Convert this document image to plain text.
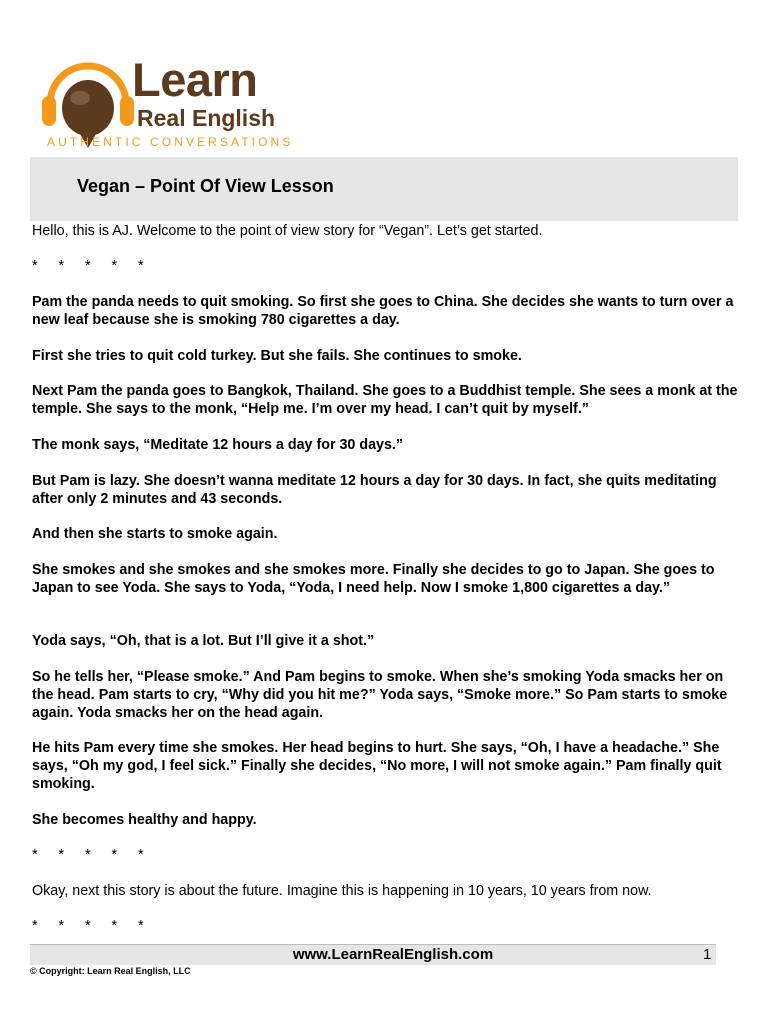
Learn
Real English
AUTHENTIC CONVERSATIONS
Vegan – Point Of View Lesson

Hello, this is AJ. Welcome to the point of view story for “Vegan”. Let’s get started.

* * * * *

Pam the panda needs to quit smoking. So first she goes to China. She decides she wants to turn over a new leaf because she is smoking 780 cigarettes a day.

First she tries to quit cold turkey. But she fails. She continues to smoke.

Next Pam the panda goes to Bangkok, Thailand. She goes to a Buddhist temple. She sees a monk at the temple. She says to the monk, “Help me. I’m over my head. I can’t quit by myself.”

The monk says, “Meditate 12 hours a day for 30 days.”

But Pam is lazy. She doesn’t wanna meditate 12 hours a day for 30 days. In fact, she quits meditating after only 2 minutes and 43 seconds.

And then she starts to smoke again.

She smokes and she smokes and she smokes more. Finally she decides to go to Japan. She goes to Japan to see Yoda. She says to Yoda, “Yoda, I need help. Now I smoke 1,800 cigarettes a day.”

Yoda says, “Oh, that is a lot. But I’ll give it a shot.”

So he tells her, “Please smoke.” And Pam begins to smoke. When she’s smoking Yoda smacks her on the head. Pam starts to cry, “Why did you hit me?” Yoda says, “Smoke more.” So Pam starts to smoke again. Yoda smacks her on the head again.

He hits Pam every time she smokes. Her head begins to hurt. She says, “Oh, I have a headache.” She says, “Oh my god, I feel sick.” Finally she decides, “No more, I will not smoke again.” Pam finally quit smoking.

She becomes healthy and happy.

* * * * *

Okay, next this story is about the future. Imagine this is happening in 10 years, 10 years from now.

* * * * *

www.LearnRealEnglish.com	1
© Copyright: Learn Real English, LLC
